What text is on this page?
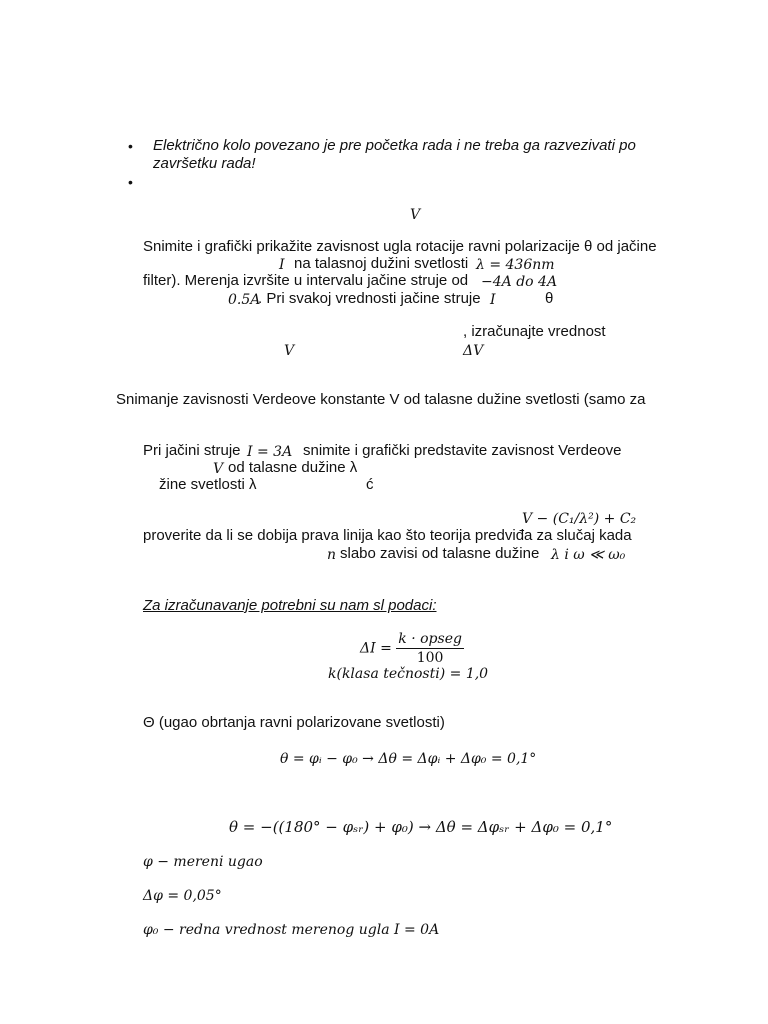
• Električno kolo povezano je pre početka rada i ne treba ga razvezivati po
završetku rada!
•
V
Snimite i grafički prikažite zavisnost ugla rotacije ravni polarizacije θ od jačine
I na talasnoj dužini svetlosti λ = 436nm
filter). Merenja izvršite u intervalu jačine struje od −4A do 4A
0.5A
. Pri svakoj vrednosti jačine struje I	θ
, izračunajte vrednost
V	ΔV
Snimanje zavisnosti Verdeove konstante V od talasne dužine svetlosti (samo za
Pri jačini struje I = 3A snimite i grafički predstavite zavisnost Verdeove
V od talasne dužine λ
žine svetlosti λ	ć
V − (C₁/λ²) + C₂
proverite da li se dobija prava linija kao što teorija predviđa za slučaj kada
n slabo zavisi od talasne dužine λ i ω ≪ ω₀
Za izračunavanje potrebni su nam sl podaci:
$\Delta I = \frac{\text{k · opseg}}{100}$
k(klasa tečnosti) = 1,0
Θ (ugao obrtanja ravni polarizovane svetlosti)
θ = φᵢ − φ₀ → Δθ = Δφᵢ + Δφ₀ = 0,1°
θ = −((180° − φₛᵣ) + φ₀) → Δθ = Δφₛᵣ + Δφ₀ = 0,1°
φ − mereni ugao
Δφ = 0,05°
φ₀ − redna vrednost merenog ugla I = 0A
